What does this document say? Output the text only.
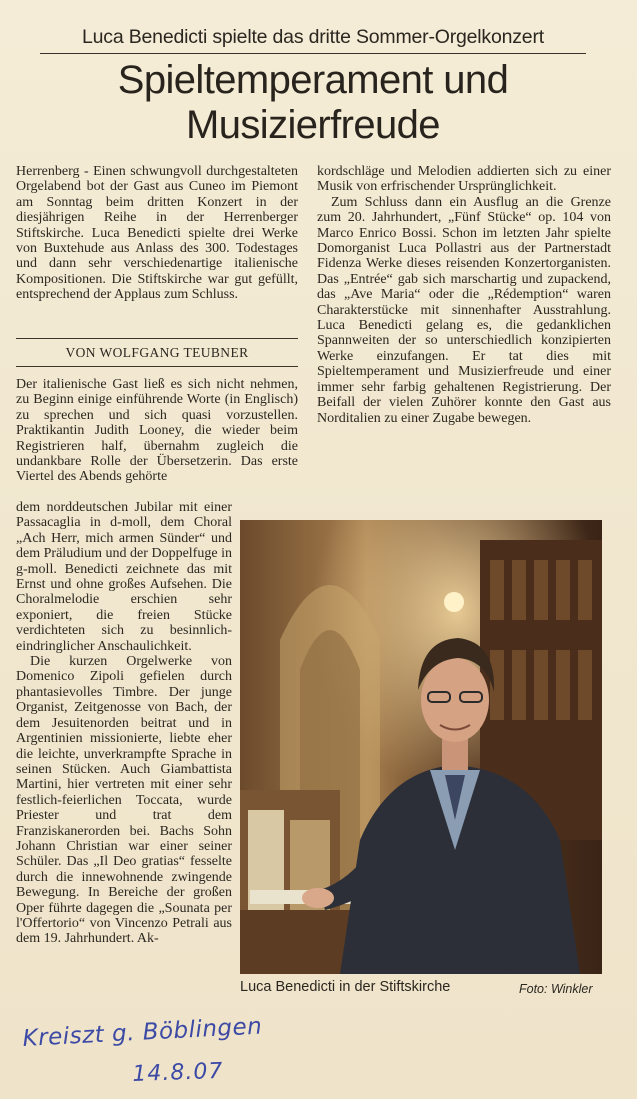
Luca Benedicti spielte das dritte Sommer-Orgelkonzert
Spieltemperament und
Musizierfreude

Herrenberg - Einen schwungvoll durchgestalteten Orgelabend bot der Gast aus Cuneo im Piemont am Sonntag beim dritten Konzert in der diesjährigen Reihe in der Herrenberger Stiftskirche. Luca Benedicti spielte drei Werke von Buxtehude aus Anlass des 300. Todestages und dann sehr verschiedenartige italienische Kompositionen. Die Stiftskirche war gut gefüllt, entsprechend der Applaus zum Schluss.

VON WOLFGANG TEUBNER

Der italienische Gast ließ es sich nicht nehmen, zu Beginn einige einführende Worte (in Englisch) zu sprechen und sich quasi vorzustellen. Praktikantin Judith Looney, die wieder beim Registrieren half, übernahm zugleich die undankbare Rolle der Übersetzerin. Das erste Viertel des Abends gehörte

dem norddeutschen Jubilar mit einer Passacaglia in d-moll, dem Choral „Ach Herr, mich armen Sünder“ und dem Präludium und der Doppelfuge in g-moll. Benedicti zeichnete das mit Ernst und ohne großes Aufsehen. Die Choralmelodie erschien sehr exponiert, die freien Stücke verdichteten sich zu besinnlich-eindringlicher Anschaulichkeit.

Die kurzen Orgelwerke von Domenico Zipoli gefielen durch phantasievolles Timbre. Der junge Organist, Zeitgenosse von Bach, der dem Jesuitenorden beitrat und in Argentinien missionierte, liebte eher die leichte, unverkrampfte Sprache in seinen Stücken. Auch Giambattista Martini, hier vertreten mit einer sehr festlich-feierlichen Toccata, wurde Priester und trat dem Franziskanerorden bei. Bachs Sohn Johann Christian war einer seiner Schüler. Das „Il Deo gratias“ fesselte durch die innewohnende zwingende Bewegung. In Bereiche der großen Oper führte dagegen die „Sounata per l'Offertorio“ von Vincenzo Petrali aus dem 19. Jahrhundert. Ak-

kordschläge und Melodien addierten sich zu einer Musik von erfrischender Ursprünglichkeit.

Zum Schluss dann ein Ausflug an die Grenze zum 20. Jahrhundert, „Fünf Stücke“ op. 104 von Marco Enrico Bossi. Schon im letzten Jahr spielte Domorganist Luca Pollastri aus der Partnerstadt Fidenza Werke dieses reisenden Konzertorganisten. Das „Entrée“ gab sich marschartig und zupackend, das „Ave Maria“ oder die „Rédemption“ waren Charakterstücke mit sinnenhafter Ausstrahlung. Luca Benedicti gelang es, die gedanklichen Spannweiten der so unterschiedlich konzipierten Werke einzufangen. Er tat dies mit Spieltemperament und Musizierfreude und einer immer sehr farbig gehaltenen Registrierung. Der Beifall der vielen Zuhörer konnte den Gast aus Norditalien zu einer Zugabe bewegen.

Luca Benedicti in der Stiftskirche	Foto: Winkler
Kreiszt g. Böblingen
14.8.07
